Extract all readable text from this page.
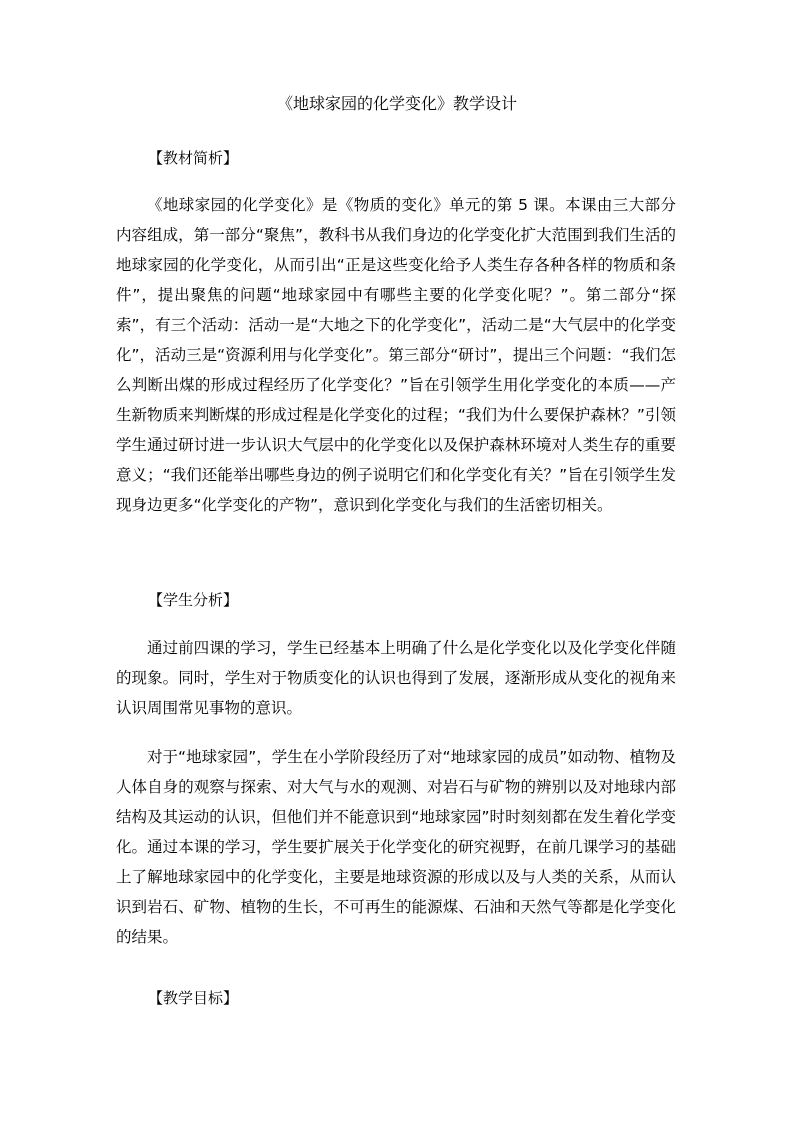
《地球家园的化学变化》教学设计
【教材简析】

《地球家园的化学变化》是《物质的变化》单元的第 5 课。本课由三大部分内容组成，第一部分“聚焦”，教科书从我们身边的化学变化扩大范围到我们生活的地球家园的化学变化，从而引出“正是这些变化给予人类生存各种各样的物质和条件”，提出聚焦的问题“地球家园中有哪些主要的化学变化呢？”。第二部分“探索”，有三个活动：活动一是“大地之下的化学变化”，活动二是“大气层中的化学变化”，活动三是“资源利用与化学变化”。第三部分“研讨”，提出三个问题：“我们怎么判断出煤的形成过程经历了化学变化？”旨在引领学生用化学变化的本质——产生新物质来判断煤的形成过程是化学变化的过程；“我们为什么要保护森林？”引领学生通过研讨进一步认识大气层中的化学变化以及保护森林环境对人类生存的重要意义；“我们还能举出哪些身边的例子说明它们和化学变化有关？”旨在引领学生发现身边更多“化学变化的产物”，意识到化学变化与我们的生活密切相关。

【学生分析】

通过前四课的学习，学生已经基本上明确了什么是化学变化以及化学变化伴随的现象。同时，学生对于物质变化的认识也得到了发展，逐渐形成从变化的视角来认识周围常见事物的意识。

对于“地球家园”，学生在小学阶段经历了对“地球家园的成员”如动物、植物及人体自身的观察与探索、对大气与水的观测、对岩石与矿物的辨别以及对地球内部结构及其运动的认识，但他们并不能意识到“地球家园”时时刻刻都在发生着化学变化。通过本课的学习，学生要扩展关于化学变化的研究视野，在前几课学习的基础上了解地球家园中的化学变化，主要是地球资源的形成以及与人类的关系，从而认识到岩石、矿物、植物的生长，不可再生的能源煤、石油和天然气等都是化学变化的结果。

【教学目标】
